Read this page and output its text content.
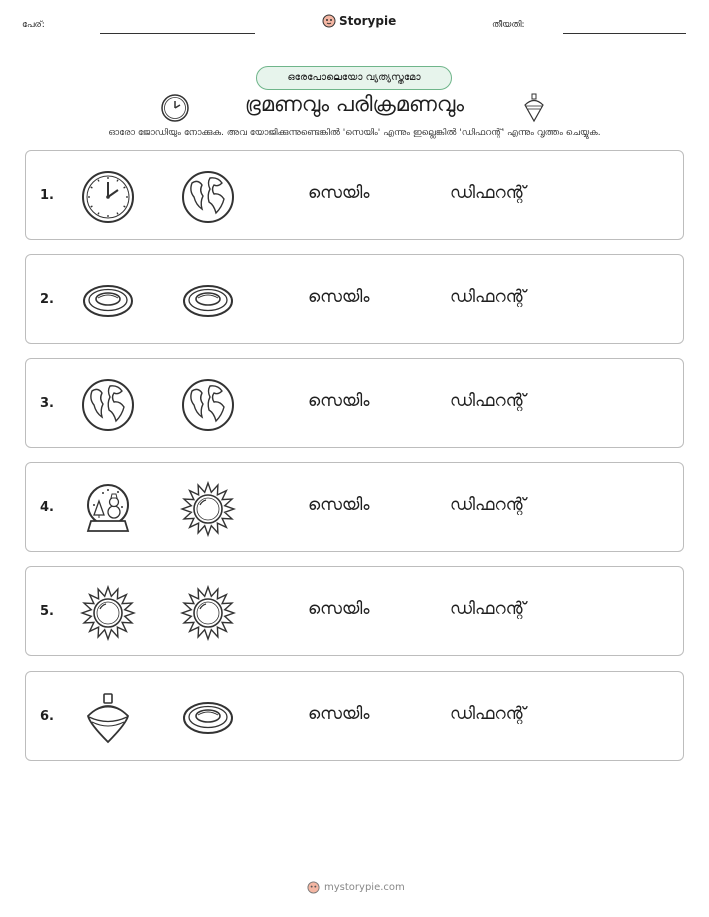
പേര്:	Storypie	തീയതി:
ഒരേപോലെയോ വ്യത്യസ്തമോ
ഭ്രമണവും പരിക്രമണവും
ഓരോ ജോഡിയും നോക്കുക. അവ യോജിക്കുന്നുണ്ടെങ്കിൽ 'സെയിം' എന്നും ഇല്ലെങ്കിൽ 'ഡിഫറന്റ്' എന്നും വൃത്തം ചെയ്യുക.
1.	സെയിം	ഡിഫറന്റ്
2.	സെയിം	ഡിഫറന്റ്
3.	സെയിം	ഡിഫറന്റ്
4.	സെയിം	ഡിഫറന്റ്
5.	സെയിം	ഡിഫറന്റ്
6.	സെയിം	ഡിഫറന്റ്
mystorypie.com
